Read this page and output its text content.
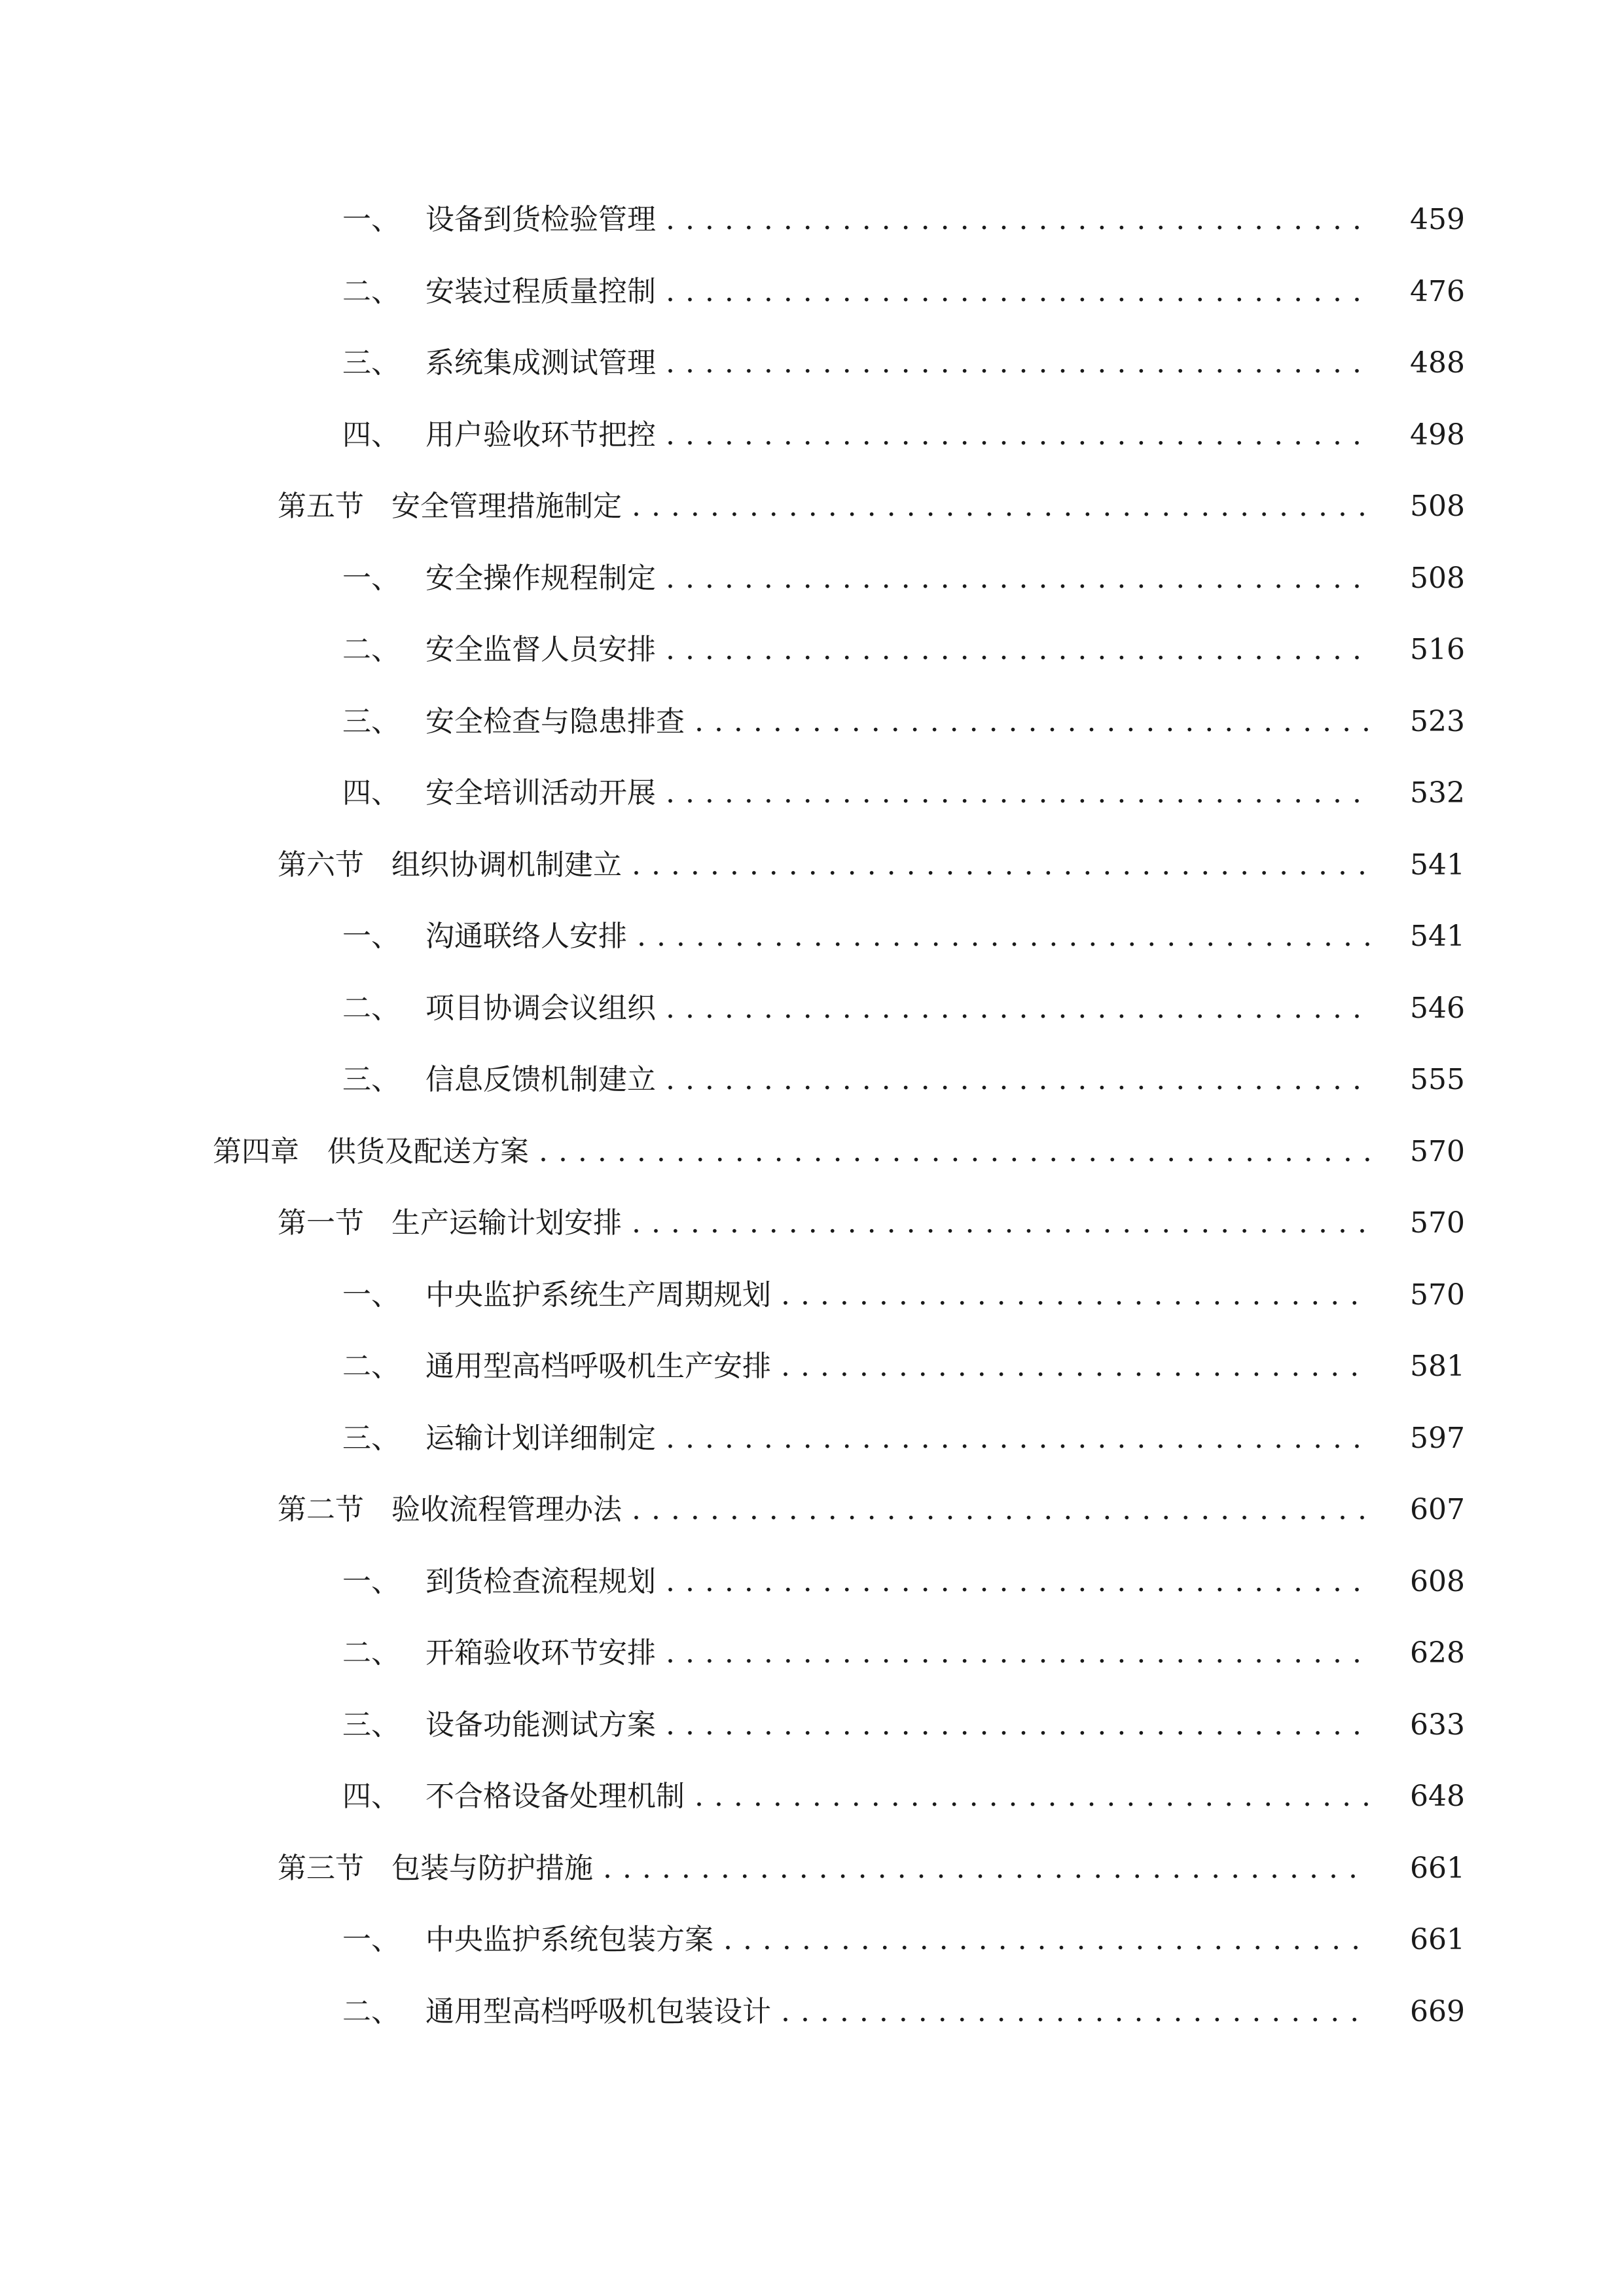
一、 设备到货检验管理 . . .	459
二、 安装过程质量控制 . . .	476
三、 系统集成测试管理 . . .	488
四、 用户验收环节把控 . . .	498
第五节 安全管理措施制定 . . .	508
一、 安全操作规程制定 . . .	508
二、 安全监督人员安排 . . .	516
三、 安全检查与隐患排查 . . .	523
四、 安全培训活动开展 . . .	532
第六节 组织协调机制建立 . . .	541
一、 沟通联络人安排 . . .	541
二、 项目协调会议组织 . . .	546
三、 信息反馈机制建立 . . .	555
第四章 供货及配送方案 . . .	570
第一节 生产运输计划安排 . . .	570
一、 中央监护系统生产周期规划 . . .	570
二、 通用型高档呼吸机生产安排 . . .	581
三、 运输计划详细制定 . . .	597
第二节 验收流程管理办法 . . .	607
一、 到货检查流程规划 . . .	608
二、 开箱验收环节安排 . . .	628
三、 设备功能测试方案 . . .	633
四、 不合格设备处理机制 . . .	648
第三节 包装与防护措施 . . .	661
一、 中央监护系统包装方案 . . .	661
二、 通用型高档呼吸机包装设计 . . .	669
